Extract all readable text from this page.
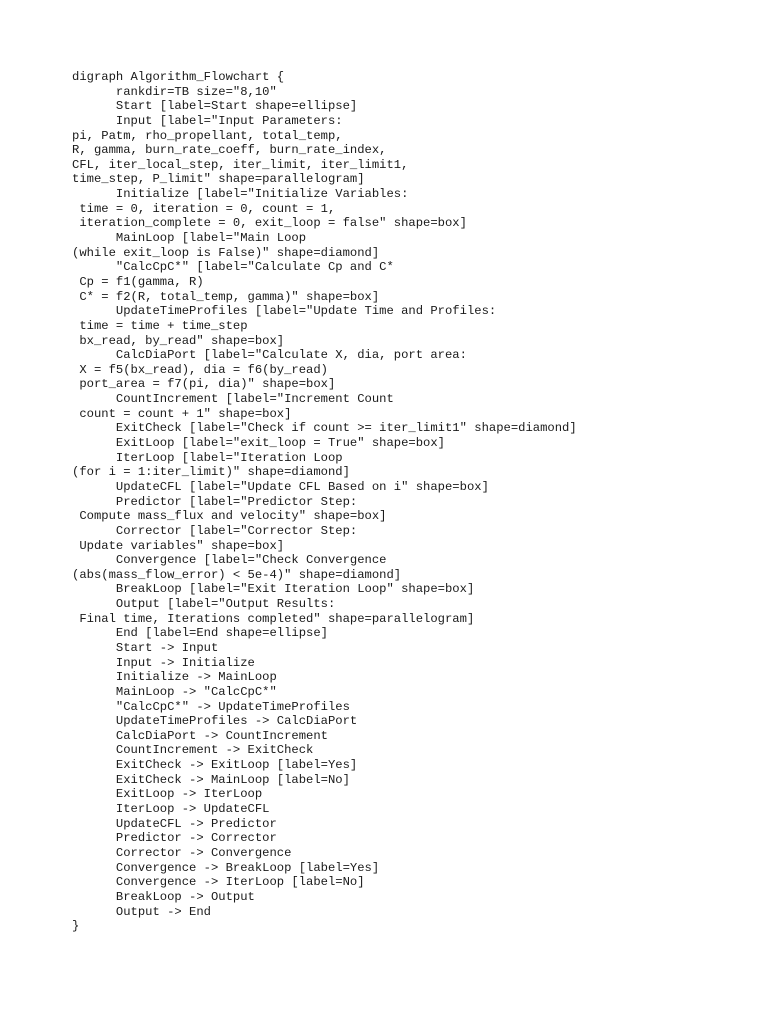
digraph Algorithm_Flowchart {
rankdir=TB size="8,10"
Start [label=Start shape=ellipse]
Input [label="Input Parameters:
pi, Patm, rho_propellant, total_temp,
R, gamma, burn_rate_coeff, burn_rate_index,
CFL, iter_local_step, iter_limit, iter_limit1,
time_step, P_limit" shape=parallelogram]
Initialize [label="Initialize Variables:
time = 0, iteration = 0, count = 1,
iteration_complete = 0, exit_loop = false" shape=box]
MainLoop [label="Main Loop
(while exit_loop is False)" shape=diamond]
"CalcCpC*" [label="Calculate Cp and C*
Cp = f1(gamma, R)
C* = f2(R, total_temp, gamma)" shape=box]
UpdateTimeProfiles [label="Update Time and Profiles:
time = time + time_step
bx_read, by_read" shape=box]
CalcDiaPort [label="Calculate X, dia, port area:
X = f5(bx_read), dia = f6(by_read)
port_area = f7(pi, dia)" shape=box]
CountIncrement [label="Increment Count
count = count + 1" shape=box]
ExitCheck [label="Check if count >= iter_limit1" shape=diamond]
ExitLoop [label="exit_loop = True" shape=box]
IterLoop [label="Iteration Loop
(for i = 1:iter_limit)" shape=diamond]
UpdateCFL [label="Update CFL Based on i" shape=box]
Predictor [label="Predictor Step:
Compute mass_flux and velocity" shape=box]
Corrector [label="Corrector Step:
Update variables" shape=box]
Convergence [label="Check Convergence
(abs(mass_flow_error) < 5e-4)" shape=diamond]
BreakLoop [label="Exit Iteration Loop" shape=box]
Output [label="Output Results:
Final time, Iterations completed" shape=parallelogram]
End [label=End shape=ellipse]
Start -> Input
Input -> Initialize
Initialize -> MainLoop
MainLoop -> "CalcCpC*"
"CalcCpC*" -> UpdateTimeProfiles
UpdateTimeProfiles -> CalcDiaPort
CalcDiaPort -> CountIncrement
CountIncrement -> ExitCheck
ExitCheck -> ExitLoop [label=Yes]
ExitCheck -> MainLoop [label=No]
ExitLoop -> IterLoop
IterLoop -> UpdateCFL
UpdateCFL -> Predictor
Predictor -> Corrector
Corrector -> Convergence
Convergence -> BreakLoop [label=Yes]
Convergence -> IterLoop [label=No]
BreakLoop -> Output
Output -> End
}
